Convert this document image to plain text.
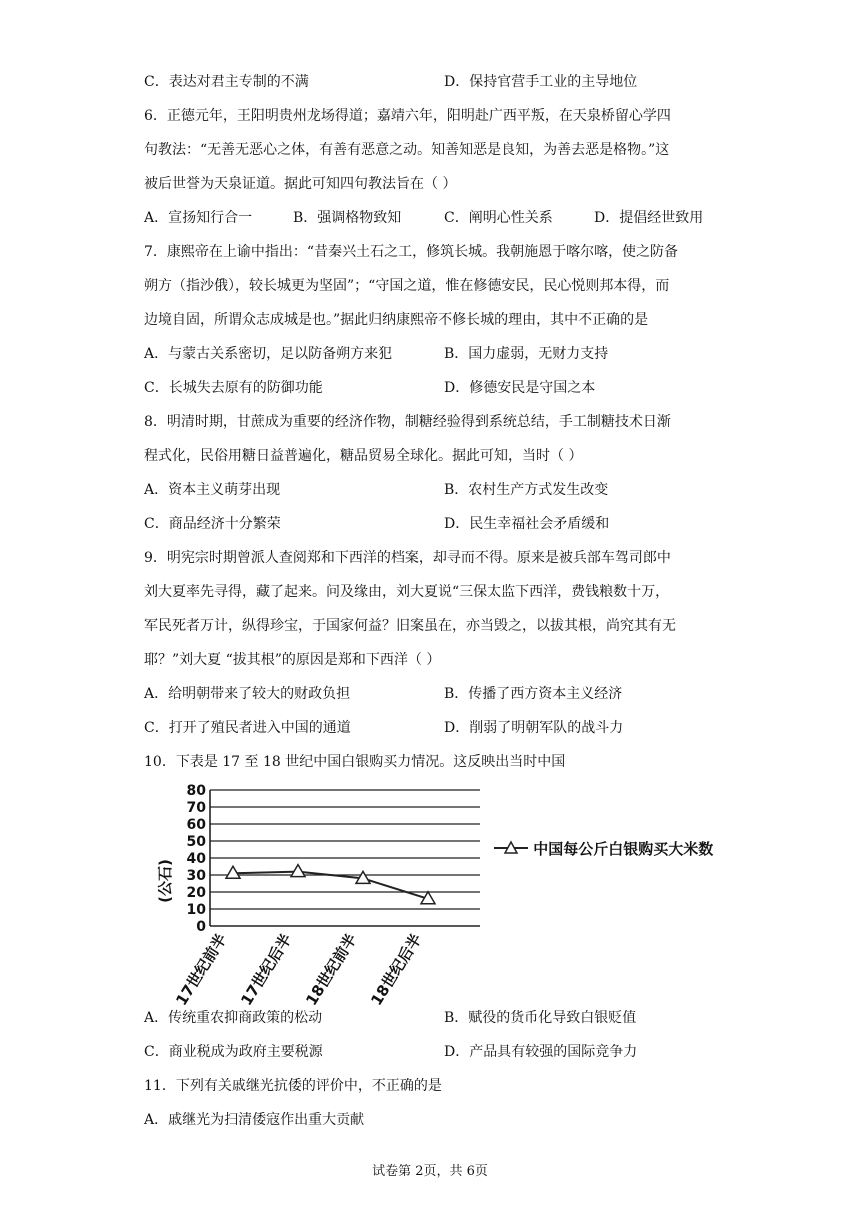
C．表达对君主专制的不满	D．保持官营手工业的主导地位
6．正德元年，王阳明贵州龙场得道；嘉靖六年，阳明赴广西平叛，在天泉桥留心学四
句教法：“无善无恶心之体，有善有恶意之动。知善知恶是良知，为善去恶是格物。”这
被后世誉为天泉证道。据此可知四句教法旨在（ ）
A．宣扬知行合一	B．强调格物致知	C．阐明心性关系	D．提倡经世致用
7．康熙帝在上谕中指出：“昔秦兴土石之工，修筑长城。我朝施恩于喀尔喀，使之防备
朔方（指沙俄），较长城更为坚固”；“守国之道，惟在修德安民，民心悦则邦本得，而
边境自固，所谓众志成城是也。”据此归纳康熙帝不修长城的理由，其中不正确的是
A．与蒙古关系密切，足以防备朔方来犯	B．国力虚弱，无财力支持
C．长城失去原有的防御功能	D．修德安民是守国之本
8．明清时期，甘蔗成为重要的经济作物，制糖经验得到系统总结，手工制糖技术日渐
程式化，民俗用糖日益普遍化，糖品贸易全球化。据此可知，当时（ ）
A．资本主义萌芽出现	B．农村生产方式发生改变
C．商品经济十分繁荣	D．民生幸福社会矛盾缓和
9．明宪宗时期曾派人查阅郑和下西洋的档案，却寻而不得。原来是被兵部车驾司郎中
刘大夏率先寻得，藏了起来。问及缘由，刘大夏说“三保太监下西洋，费钱粮数十万，
军民死者万计，纵得珍宝，于国家何益？旧案虽在，亦当毁之，以拔其根，尚究其有无
耶？”刘大夏 “拔其根”的原因是郑和下西洋（ ）
A．给明朝带来了较大的财政负担	B．传播了西方资本主义经济
C．打开了殖民者进入中国的通道	D．削弱了明朝军队的战斗力
10．下表是 17 至 18 世纪中国白银购买力情况。这反映出当时中国
0
10
20
30
40
50
60
70
80
(公石)
17世纪前半 17世纪后半 18世纪前半 18世纪后半
中国每公斤白银购买大米数
A．传统重农抑商政策的松动	B．赋役的货币化导致白银贬值
C．商业税成为政府主要税源	D．产品具有较强的国际竞争力
11．下列有关戚继光抗倭的评价中，不正确的是
A．戚继光为扫清倭寇作出重大贡献
试卷第 2页，共 6页
